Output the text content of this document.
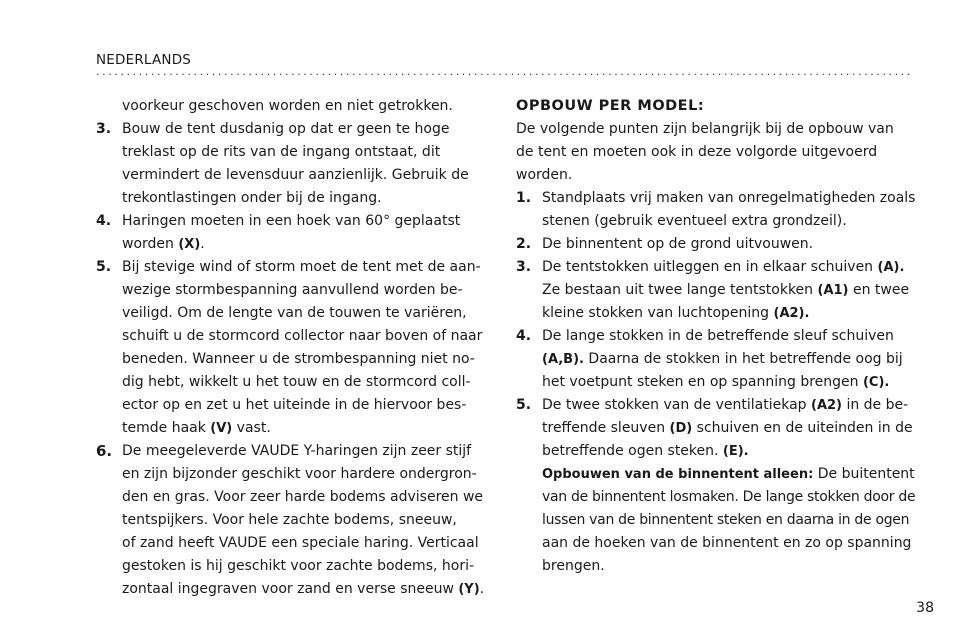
NEDERLANDS
......................................................................................................................................
voorkeur geschoven worden en niet getrokken.
3. Bouw de tent dusdanig op dat er geen te hoge
treklast op de rits van de ingang ontstaat, dit
vermindert de levensduur aanzienlijk. Gebruik de
trekontlastingen onder bij de ingang.
4. Haringen moeten in een hoek van 60° geplaatst
worden (X).
5. Bij stevige wind of storm moet de tent met de aan-
wezige stormbespanning aanvullend worden be-
veiligd. Om de lengte van de touwen te variëren,
schuift u de stormcord collector naar boven of naar
beneden. Wanneer u de strombespanning niet no-
dig hebt, wikkelt u het touw en de stormcord coll-
ector op en zet u het uiteinde in de hiervoor bes-
temde haak (V) vast.
6. De meegeleverde VAUDE Y-haringen zijn zeer stijf
en zijn bijzonder geschikt voor hardere ondergron-
den en gras. Voor zeer harde bodems adviseren we
tentspijkers. Voor hele zachte bodems, sneeuw,
of zand heeft VAUDE een speciale haring. Verticaal
gestoken is hij geschikt voor zachte bodems, hori-
zontaal ingegraven voor zand en verse sneeuw (Y).
OPBOUW PER MODEL:
De volgende punten zijn belangrijk bij de opbouw van
de tent en moeten ook in deze volgorde uitgevoerd
worden.
1. Standplaats vrij maken van onregelmatigheden zoals
stenen (gebruik eventueel extra grondzeil).
2. De binnentent op de grond uitvouwen.
3. De tentstokken uitleggen en in elkaar schuiven (A).
Ze bestaan uit twee lange tentstokken (A1) en twee
kleine stokken van luchtopening (A2).
4. De lange stokken in de betreffende sleuf schuiven
(A,B). Daarna de stokken in het betreffende oog bij
het voetpunt steken en op spanning brengen (C).
5. De twee stokken van de ventilatiekap (A2) in de be-
treffende sleuven (D) schuiven en de uiteinden in de
betreffende ogen steken. (E).
Opbouwen van de binnentent alleen: De buitentent
van de binnentent losmaken. De lange stokken door de
lussen van de binnentent steken en daarna in de ogen
aan de hoeken van de binnentent en zo op spanning
brengen.
38
